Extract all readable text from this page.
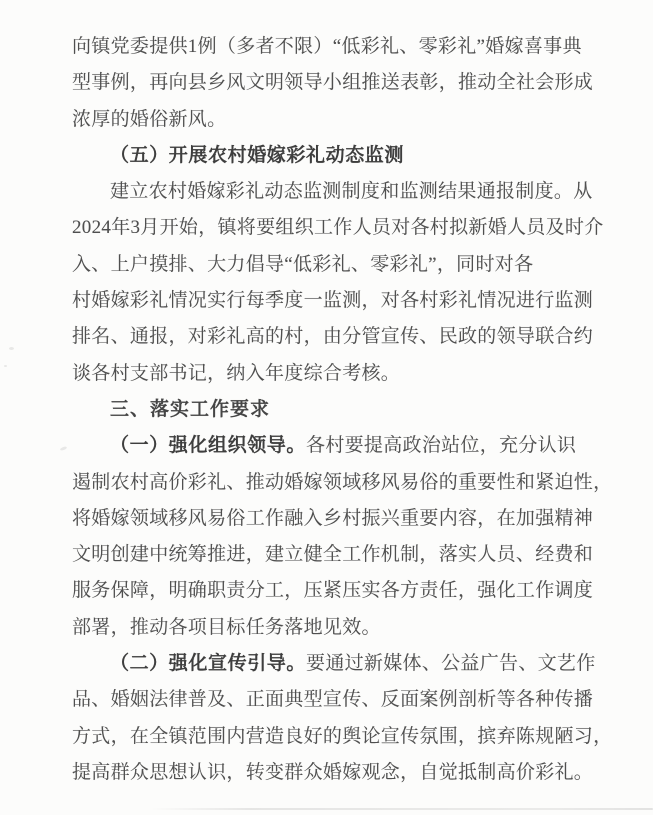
向镇党委提供1例（多者不限）“低彩礼、零彩礼”婚嫁喜事典
型事例，再向县乡风文明领导小组推送表彰，推动全社会形成
浓厚的婚俗新风。
（五）开展农村婚嫁彩礼动态监测
建立农村婚嫁彩礼动态监测制度和监测结果通报制度。从
2024年3月开始，镇将要组织工作人员对各村拟新婚人员及时介
入、上户摸排、大力倡导“低彩礼、零彩礼”，同时对各
村婚嫁彩礼情况实行每季度一监测，对各村彩礼情况进行监测
排名、通报，对彩礼高的村，由分管宣传、民政的领导联合约
谈各村支部书记，纳入年度综合考核。
三、落实工作要求
（一）强化组织领导。各村要提高政治站位，充分认识
遏制农村高价彩礼、推动婚嫁领域移风易俗的重要性和紧迫性，
将婚嫁领域移风易俗工作融入乡村振兴重要内容，在加强精神
文明创建中统筹推进，建立健全工作机制，落实人员、经费和
服务保障，明确职责分工，压紧压实各方责任，强化工作调度
部署，推动各项目标任务落地见效。
（二）强化宣传引导。要通过新媒体、公益广告、文艺作
品、婚姻法律普及、正面典型宣传、反面案例剖析等各种传播
方式，在全镇范围内营造良好的舆论宣传氛围，摈弃陈规陋习，
提高群众思想认识，转变群众婚嫁观念，自觉抵制高价彩礼。
